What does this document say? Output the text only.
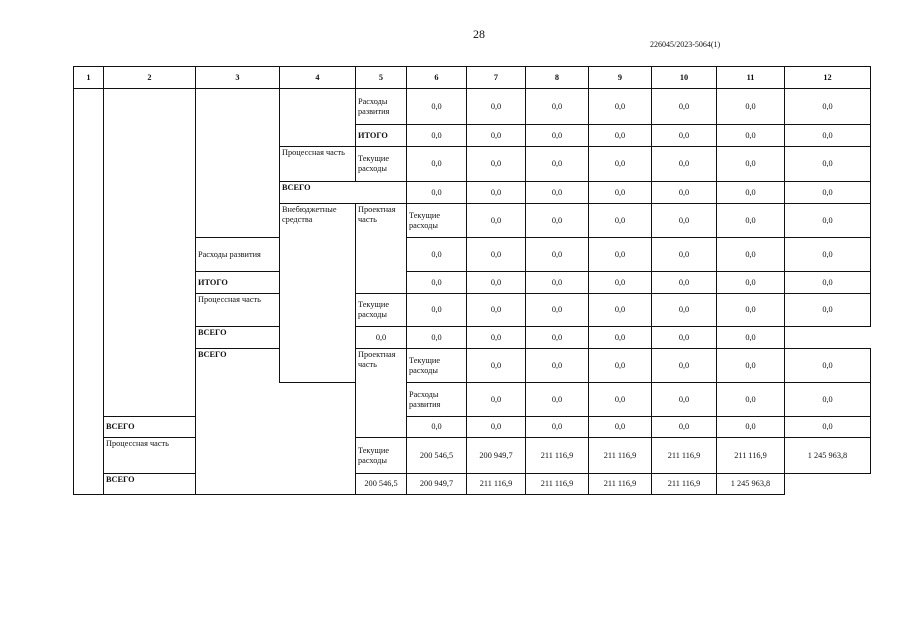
28
226045/2023-5064(1)
1	2	3	4	5	6	7	8	9	10	11	12	
				Расходы развития	0,0	0,0	0,0	0,0	0,0	0,0	0,0	
				ИТОГО	0,0	0,0	0,0	0,0	0,0	0,0	0,0	
			Процессная часть	Текущие расходы	0,0	0,0	0,0	0,0	0,0	0,0	0,0	
			ВСЕГО		0,0	0,0	0,0	0,0	0,0	0,0	0,0	
			Внебюджетные средства	Проектная часть	Текущие расходы	0,0	0,0	0,0	0,0	0,0	0,0	
		Расходы развития			0,0	0,0	0,0	0,0	0,0	0,0	0,0	
		ИТОГО			0,0	0,0	0,0	0,0	0,0	0,0	0,0	
		Процессная часть		Текущие расходы	0,0	0,0	0,0	0,0	0,0	0,0	0,0	
		ВСЕГО		0,0	0,0	0,0	0,0	0,0	0,0	0,0		
		ВСЕГО		Проектная часть	Текущие расходы	0,0	0,0	0,0	0,0	0,0	0,0	
					Расходы развития	0,0	0,0	0,0	0,0	0,0	0,0	
	ВСЕГО				0,0	0,0	0,0	0,0	0,0	0,0	0,0	
	Процессная часть			Текущие расходы	200 546,5	200 949,7	211 116,9	211 116,9	211 116,9	211 116,9	1 245 963,8	
	ВСЕГО			200 546,5	200 949,7	211 116,9	211 116,9	211 116,9	211 116,9	1 245 963,8		
